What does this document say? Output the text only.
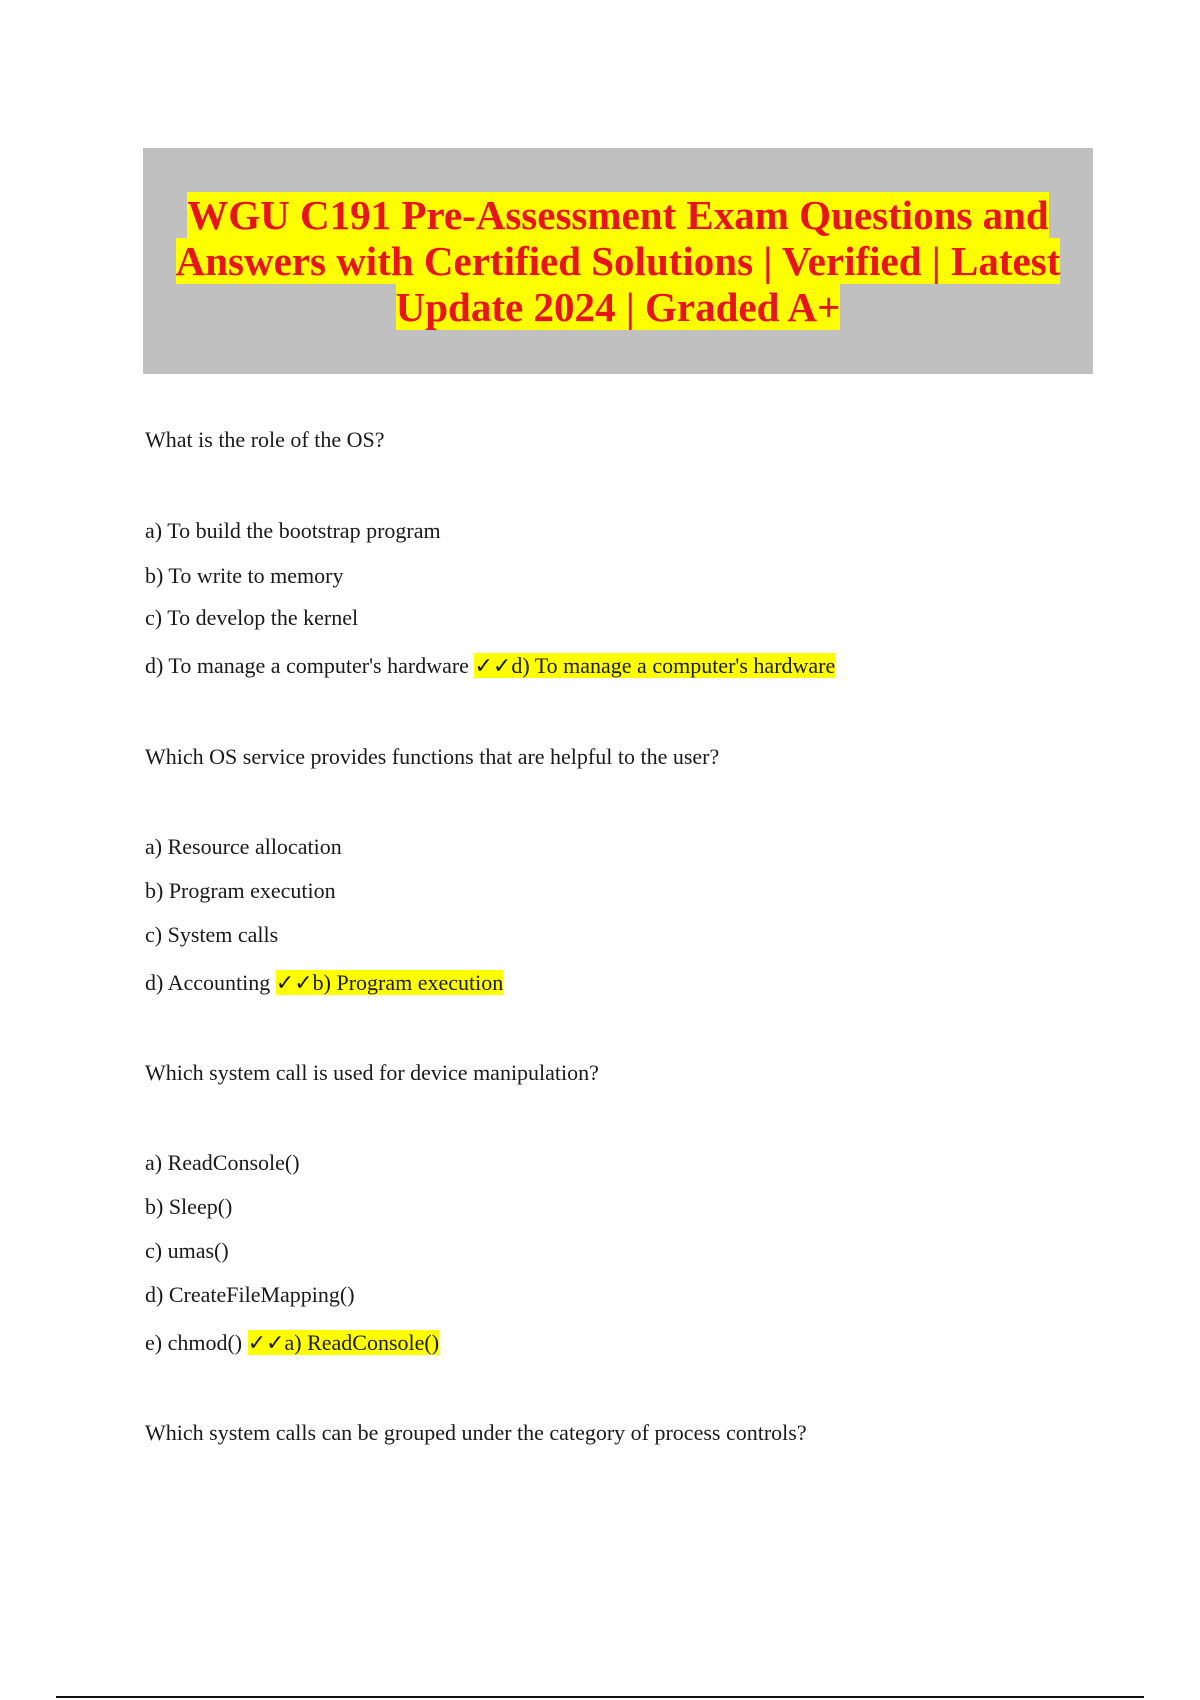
WGU C191 Pre-Assessment Exam Questions and
Answers with Certified Solutions | Verified | Latest
Update 2024 | Graded A+

What is the role of the OS?

a) To build the bootstrap program

b) To write to memory

c) To develop the kernel

d) To manage a computer's hardware ✓✓d) To manage a computer's hardware

Which OS service provides functions that are helpful to the user?

a) Resource allocation

b) Program execution

c) System calls

d) Accounting ✓✓b) Program execution

Which system call is used for device manipulation?

a) ReadConsole()

b) Sleep()

c) umas()

d) CreateFileMapping()

e) chmod() ✓✓a) ReadConsole()

Which system calls can be grouped under the category of process controls?
